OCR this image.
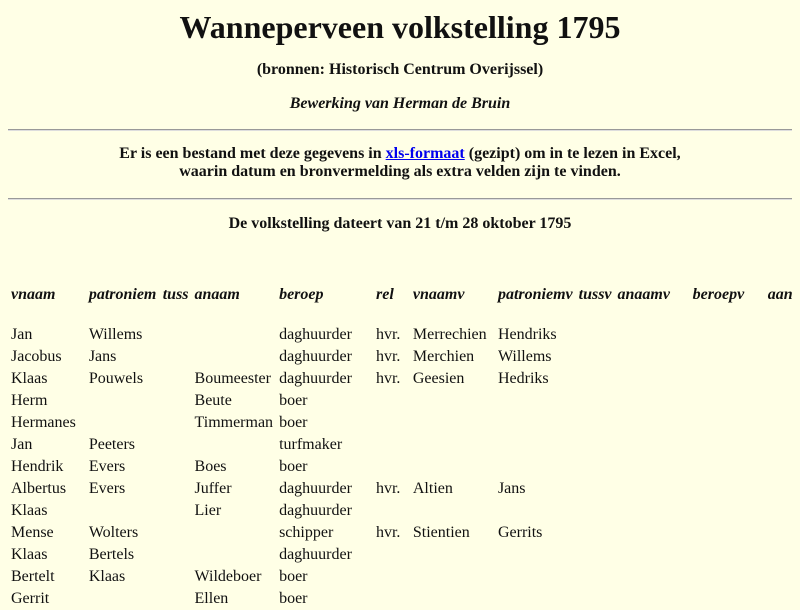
Wanneperveen volkstelling 1795
(bronnen: Historisch Centrum Overijssel)
Bewerking van Herman de Bruin
Er is een bestand met deze gegevens in xls-formaat (gezipt) om in te lezen in Excel,
waarin datum en bronvermelding als extra velden zijn te vinden.
De volkstelling dateert van 21 t/m 28 oktober 1795
vnaam	patroniem	tuss	anaam	beroep	rel	vnaamv	patroniemv	tussv	anaamv	beroepv	aan

Jan	Willems			daghuurder	hvr.	Merrechien	Hendriks				
Jacobus	Jans			daghuurder	hvr.	Merchien	Willems				
Klaas	Pouwels		Boumeester	daghuurder	hvr.	Geesien	Hedriks				
Herm			Beute	boer							
Hermanes			Timmerman	boer							
Jan	Peeters			turfmaker							
Hendrik	Evers		Boes	boer							
Albertus	Evers		Juffer	daghuurder	hvr.	Altien	Jans				
Klaas			Lier	daghuurder							
Mense	Wolters			schipper	hvr.	Stientien	Gerrits				
Klaas	Bertels			daghuurder							
Bertelt	Klaas		Wildeboer	boer							
Gerrit			Ellen	boer							
